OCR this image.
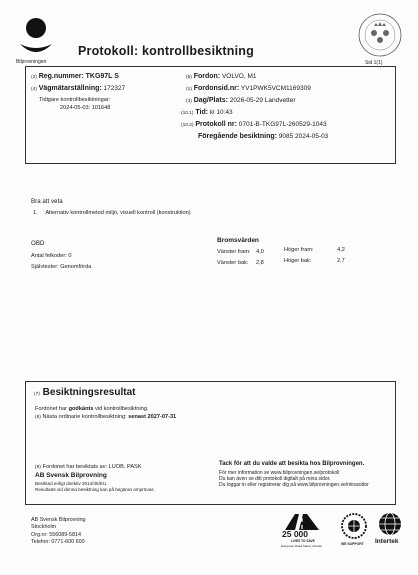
Bilprovningen
Protokoll: kontrollbesiktning
Sid 1(1)
(2) Reg.nummer: TKG97L S
(4) Vägmätarställning: 172327
Tidigare kontrollbesiktningar:
2024-05-03: 101648
(5) Fordon: VOLVO, M1
(1) Fordonsid.nr: YV1PWK5VCM1169309
(3) Dag/Plats: 2026-05-29 Landvetter
(10.1) Tid: kl 10:43
(10.2) Protokoll nr: 0701-B-TKG97L-260529-1043
Föregående besiktning: 9085 2024-05-03
Bra att veta
1. Alternativ kontrollmetod miljö, visuell kontroll (konstruktion)
OBD
Antal felkoder: 0
Självtester: Genomförda
Bromsvärden
Vänster fram: 4,0	Höger fram:	4,2
Vänster bak: 2,8	Höger bak:	2,7
(7) Besiktningsresultat
Fordonet har godkänts vid kontrollbesiktning.
(8) Nästa ordinarie kontrollbesiktning: senast 2027-07-31
(9) Fordonet har besiktats av: LUOB, PASK
AB Svensk Bilprovning
Besiktad enligt direktiv 2014/45/EU.
Resultatet vid denna besiktning kan på begäran omprövas.
Tack för att du valde att besikta hos Bilprovningen.
För mer information se www.bilprovningen.se/protokoll
Du kan även se ditt protokoll digitalt på mina sidor.
Du loggar in eller registrerar dig på www.bilprovningen.se/minasidor
AB Svensk Bilprovning
Stockholm
Org.nr: 556089-5814
Telefon: 0771-600 600
25 000
LIVES TO SAVE
European Road Safety Charter	WE SUPPORT Intertek
